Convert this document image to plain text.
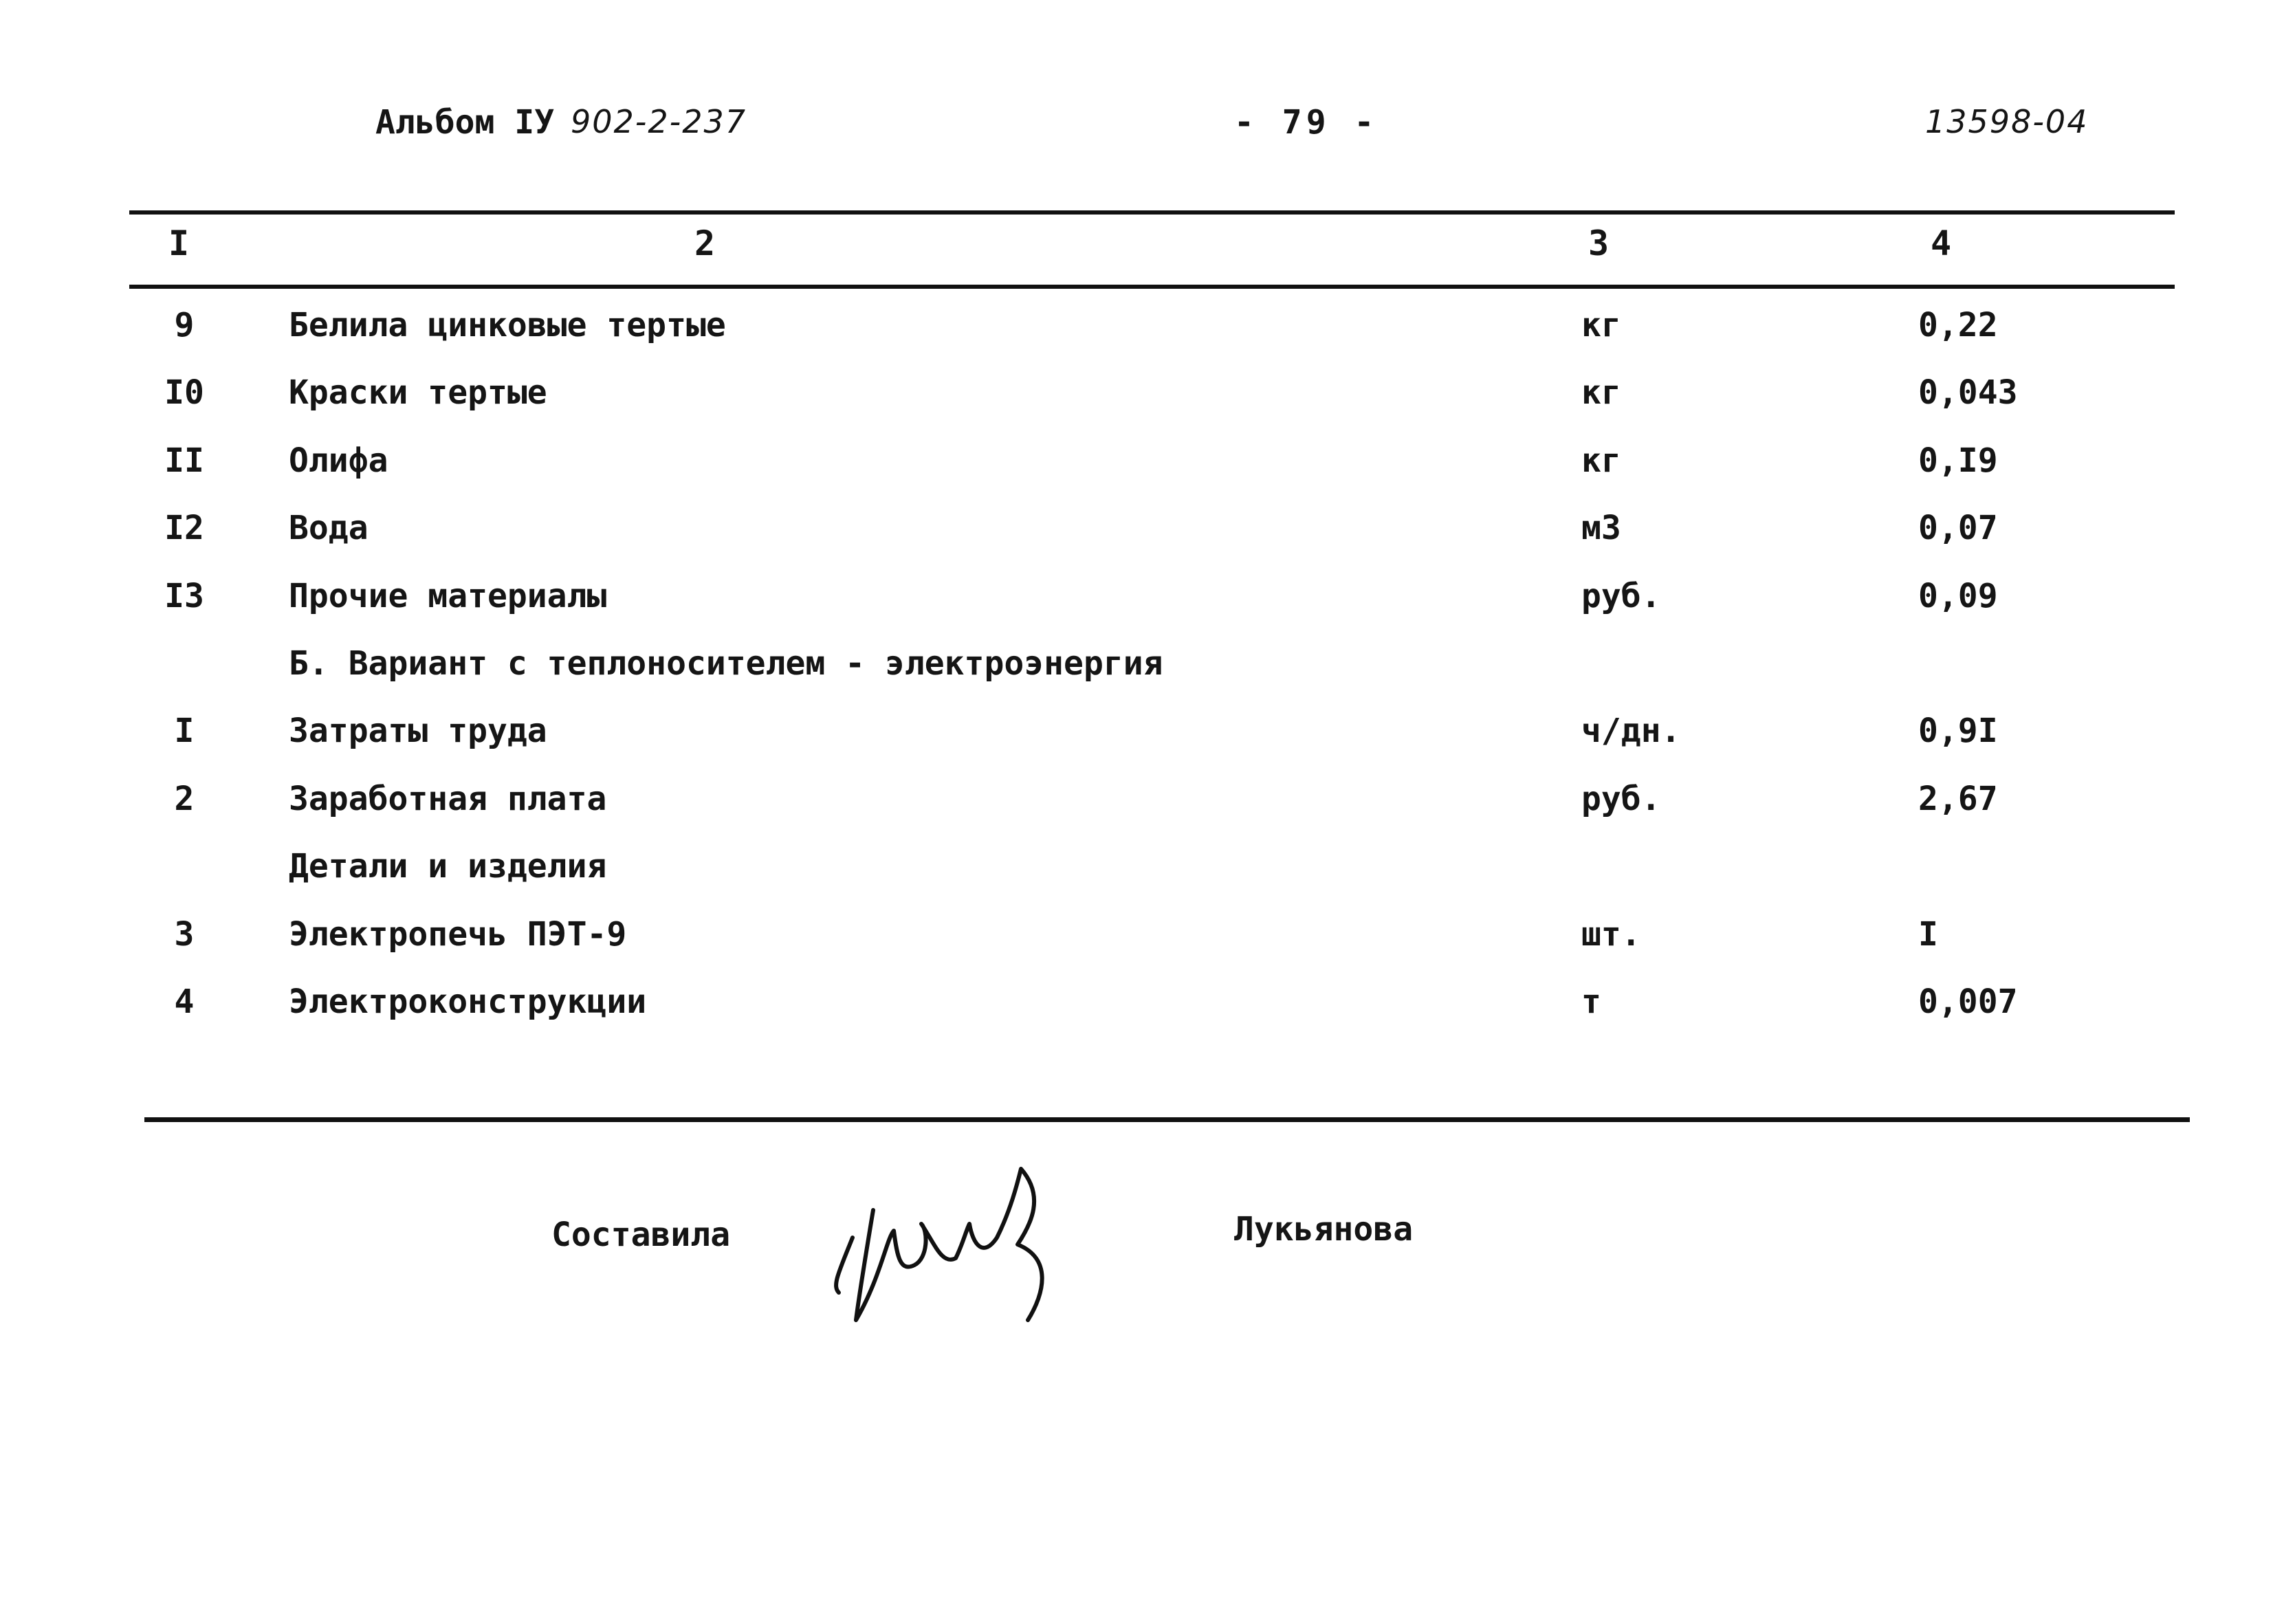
Альбом IУ 902-2-237	- 79 -	13598-04
I	2	3	4
9	Белила цинковые тертые	кг	0,22
I0	Краски тертые	кг	0,043
II	Олифа	кг	0,I9
I2	Вода	м3	0,07
I3	Прочие материалы	руб.	0,09
Б. Вариант с теплоносителем - электроэнергия
I	Затраты труда	ч/дн.	0,9I
2	Заработная плата	руб.	2,67
Детали и изделия
3	Электропечь ПЭТ-9	шт.	I
4	Электроконструкции	т	0,007
Составила	Лукьянова
